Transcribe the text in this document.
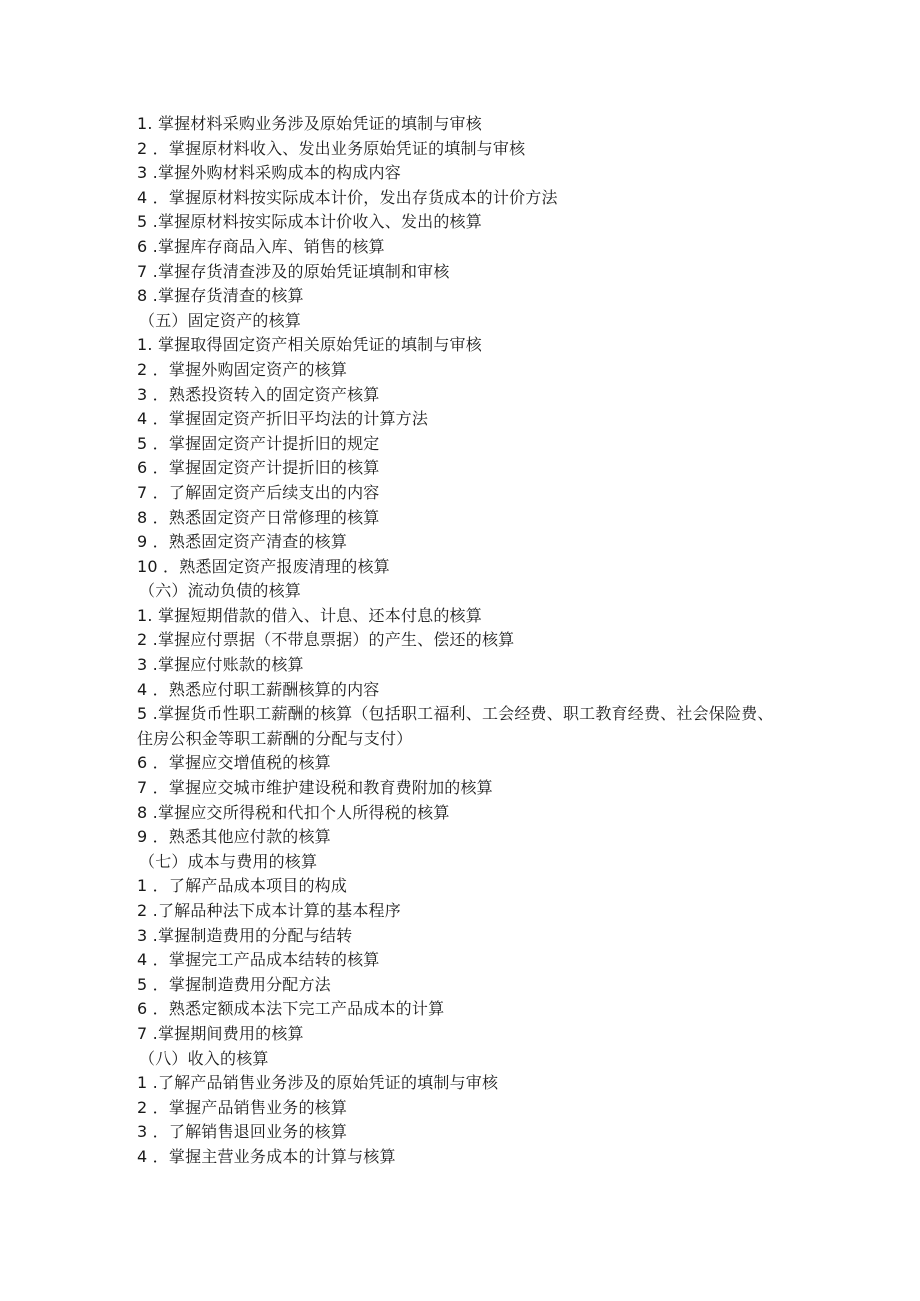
1. 掌握材料采购业务涉及原始凭证的填制与审核
2 ．掌握原材料收入、发出业务原始凭证的填制与审核
3 .掌握外购材料采购成本的构成内容
4 ．掌握原材料按实际成本计价，发出存货成本的计价方法
5 .掌握原材料按实际成本计价收入、发出的核算
6 .掌握库存商品入库、销售的核算
7 .掌握存货清查涉及的原始凭证填制和审核
8 .掌握存货清查的核算
（五）固定资产的核算
1. 掌握取得固定资产相关原始凭证的填制与审核
2 ．掌握外购固定资产的核算
3 ．熟悉投资转入的固定资产核算
4 ．掌握固定资产折旧平均法的计算方法
5 ．掌握固定资产计提折旧的规定
6 ．掌握固定资产计提折旧的核算
7 ．了解固定资产后续支出的内容
8 ．熟悉固定资产日常修理的核算
9 ．熟悉固定资产清查的核算
10 ．熟悉固定资产报废清理的核算
（六）流动负债的核算
1. 掌握短期借款的借入、计息、还本付息的核算
2 .掌握应付票据（不带息票据）的产生、偿还的核算
3 .掌握应付账款的核算
4 ．熟悉应付职工薪酬核算的内容
5 .掌握货币性职工薪酬的核算（包括职工福利、工会经费、职工教育经费、社会保险费、住房公积金等职工薪酬的分配与支付）
6 ．掌握应交增值税的核算
7 ．掌握应交城市维护建设税和教育费附加的核算
8 .掌握应交所得税和代扣个人所得税的核算
9 ．熟悉其他应付款的核算
（七）成本与费用的核算
1 ．了解产品成本项目的构成
2 .了解品种法下成本计算的基本程序
3 .掌握制造费用的分配与结转
4 ．掌握完工产品成本结转的核算
5 ．掌握制造费用分配方法
6 ．熟悉定额成本法下完工产品成本的计算
7 .掌握期间费用的核算
（八）收入的核算
1 .了解产品销售业务涉及的原始凭证的填制与审核
2 ．掌握产品销售业务的核算
3 ．了解销售退回业务的核算
4 ．掌握主营业务成本的计算与核算
